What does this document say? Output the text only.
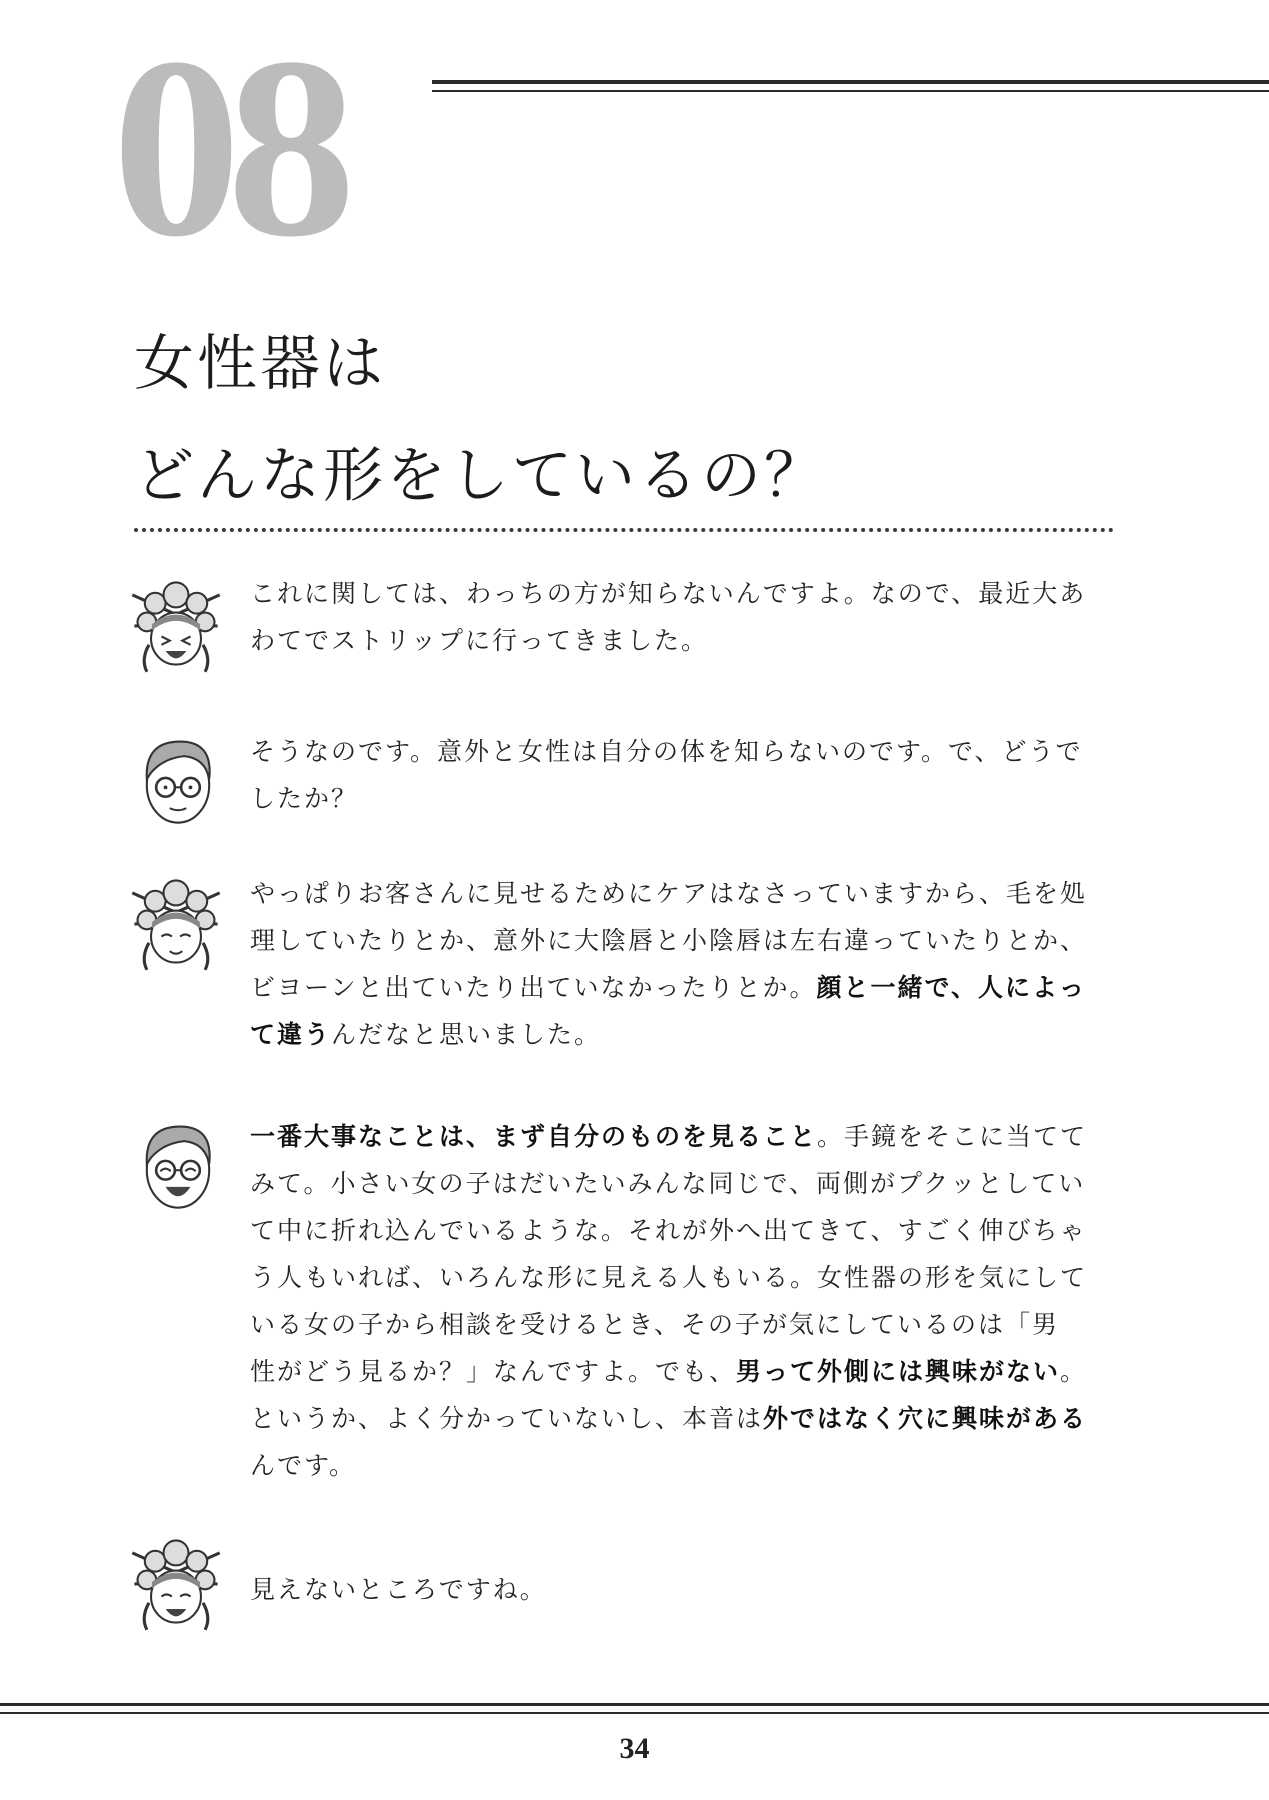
08
女性器は
どんな形をしているの？

これに関しては、わっちの方が知らないんですよ。なので、最近大あ
わてでストリップに行ってきました。

そうなのです。意外と女性は自分の体を知らないのです。で、どうで
したか？

やっぱりお客さんに見せるためにケアはなさっていますから、毛を処
理していたりとか、意外に大陰唇と小陰唇は左右違っていたりとか、
ビヨーンと出ていたり出ていなかったりとか。顔と一緒で、人によっ
て違うんだなと思いました。

一番大事なことは、まず自分のものを見ること。手鏡をそこに当てて
みて。小さい女の子はだいたいみんな同じで、両側がプクッとしてい
て中に折れ込んでいるような。それが外へ出てきて、すごく伸びちゃ
う人もいれば、いろんな形に見える人もいる。女性器の形を気にして
いる女の子から相談を受けるとき、その子が気にしているのは「男
性がどう見るか？」なんですよ。でも、男って外側には興味がない。
というか、よく分かっていないし、本音は外ではなく穴に興味がある
んです。

見えないところですね。

34
